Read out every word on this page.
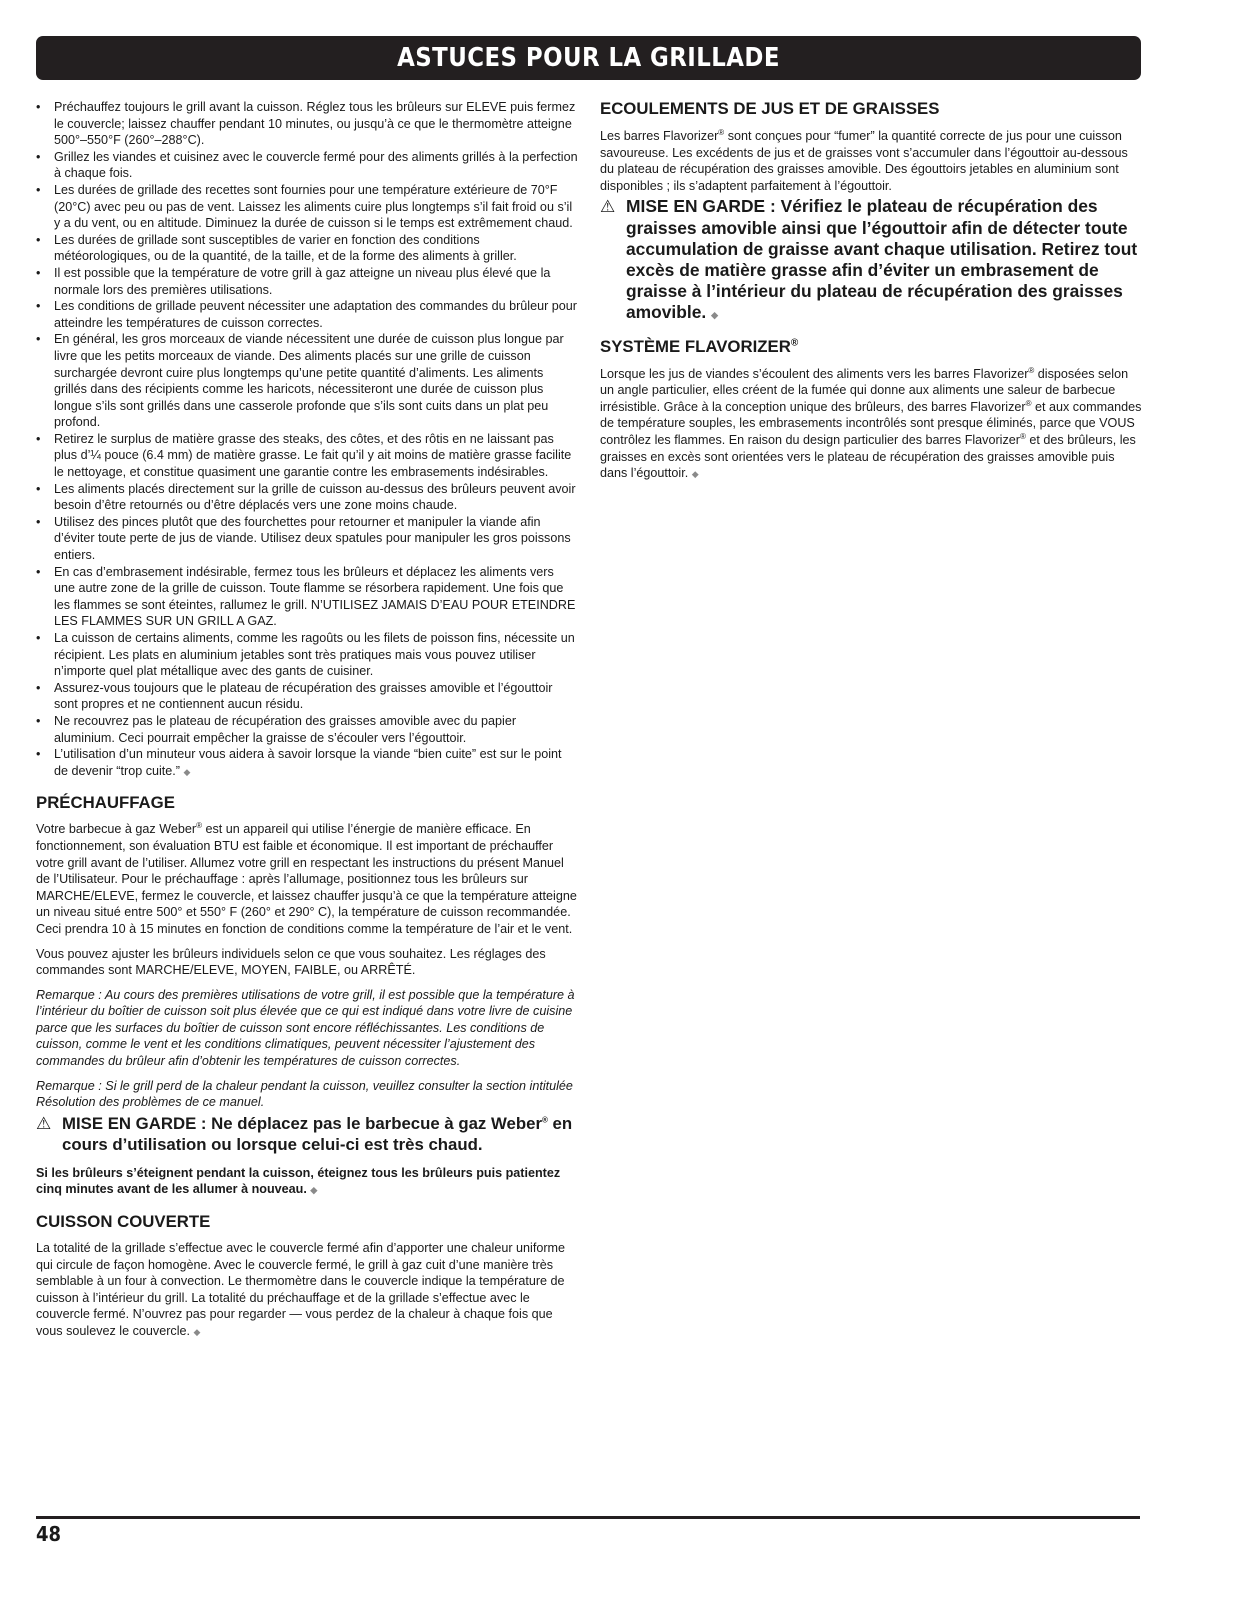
ASTUCES POUR LA GRILLADE
• Préchauffez toujours le grill avant la cuisson. Réglez tous les brûleurs sur ELEVE puis fermez le couvercle; laissez chauffer pendant 10 minutes, ou jusqu’à ce que le thermomètre atteigne 500°–550°F (260°–288°C).
• Grillez les viandes et cuisinez avec le couvercle fermé pour des aliments grillés à la perfection à chaque fois.
• Les durées de grillade des recettes sont fournies pour une température extérieure de 70°F (20°C) avec peu ou pas de vent. Laissez les aliments cuire plus longtemps s’il fait froid ou s’il y a du vent, ou en altitude. Diminuez la durée de cuisson si le temps est extrêmement chaud.
• Les durées de grillade sont susceptibles de varier en fonction des conditions météorologiques, ou de la quantité, de la taille, et de la forme des aliments à griller.
• Il est possible que la température de votre grill à gaz atteigne un niveau plus élevé que la normale lors des premières utilisations.
• Les conditions de grillade peuvent nécessiter une adaptation des commandes du brûleur pour atteindre les températures de cuisson correctes.
• En général, les gros morceaux de viande nécessitent une durée de cuisson plus longue par livre que les petits morceaux de viande. Des aliments placés sur une grille de cuisson surchargée devront cuire plus longtemps qu’une petite quantité d’aliments. Les aliments grillés dans des récipients comme les haricots, nécessiteront une durée de cuisson plus longue s’ils sont grillés dans une casserole profonde que s’ils sont cuits dans un plat peu profond.
• Retirez le surplus de matière grasse des steaks, des côtes, et des rôtis en ne laissant pas plus d’¼ pouce (6.4 mm) de matière grasse. Le fait qu’il y ait moins de matière grasse facilite le nettoyage, et constitue quasiment une garantie contre les embrasements indésirables.
• Les aliments placés directement sur la grille de cuisson au-dessus des brûleurs peuvent avoir besoin d’être retournés ou d’être déplacés vers une zone moins chaude.
• Utilisez des pinces plutôt que des fourchettes pour retourner et manipuler la viande afin d’éviter toute perte de jus de viande. Utilisez deux spatules pour manipuler les gros poissons entiers.
• En cas d’embrasement indésirable, fermez tous les brûleurs et déplacez les aliments vers une autre zone de la grille de cuisson. Toute flamme se résorbera rapidement. Une fois que les flammes se sont éteintes, rallumez le grill. N’UTILISEZ JAMAIS D’EAU POUR ETEINDRE LES FLAMMES SUR UN GRILL A GAZ.
• La cuisson de certains aliments, comme les ragoûts ou les filets de poisson fins, nécessite un récipient. Les plats en aluminium jetables sont très pratiques mais vous pouvez utiliser n’importe quel plat métallique avec des gants de cuisiner.
• Assurez-vous toujours que le plateau de récupération des graisses amovible et l’égouttoir sont propres et ne contiennent aucun résidu.
• Ne recouvrez pas le plateau de récupération des graisses amovible avec du papier aluminium. Ceci pourrait empêcher la graisse de s’écouler vers l’égouttoir.
• L’utilisation d’un minuteur vous aidera à savoir lorsque la viande “bien cuite” est sur le point de devenir “trop cuite.” ◆
PRÉCHAUFFAGE

Votre barbecue à gaz Weber® est un appareil qui utilise l’énergie de manière efficace. En fonctionnement, son évaluation BTU est faible et économique. Il est important de préchauffer votre grill avant de l’utiliser. Allumez votre grill en respectant les instructions du présent Manuel de l’Utilisateur. Pour le préchauffage : après l’allumage, positionnez tous les brûleurs sur MARCHE/ELEVE, fermez le couvercle, et laissez chauffer jusqu’à ce que la température atteigne un niveau situé entre 500° et 550° F (260° et 290° C), la température de cuisson recommandée. Ceci prendra 10 à 15 minutes en fonction de conditions comme la température de l’air et le vent.

Vous pouvez ajuster les brûleurs individuels selon ce que vous souhaitez. Les réglages des commandes sont MARCHE/ELEVE, MOYEN, FAIBLE, ou ARRÊTÉ.

Remarque : Au cours des premières utilisations de votre grill, il est possible que la température à l’intérieur du boîtier de cuisson soit plus élevée que ce qui est indiqué dans votre livre de cuisine parce que les surfaces du boîtier de cuisson sont encore réfléchissantes. Les conditions de cuisson, comme le vent et les conditions climatiques, peuvent nécessiter l’ajustement des commandes du brûleur afin d’obtenir les températures de cuisson correctes.

Remarque : Si le grill perd de la chaleur pendant la cuisson, veuillez consulter la section intitulée Résolution des problèmes de ce manuel.

⚠ MISE EN GARDE : Ne déplacez pas le barbecue à gaz Weber® en cours d’utilisation ou lorsque celui-ci est très chaud.

Si les brûleurs s’éteignent pendant la cuisson, éteignez tous les brûleurs puis patientez cinq minutes avant de les allumer à nouveau. ◆

CUISSON COUVERTE

La totalité de la grillade s’effectue avec le couvercle fermé afin d’apporter une chaleur uniforme qui circule de façon homogène. Avec le couvercle fermé, le grill à gaz cuit d’une manière très semblable à un four à convection. Le thermomètre dans le couvercle indique la température de cuisson à l’intérieur du grill. La totalité du préchauffage et de la grillade s’effectue avec le couvercle fermé. N’ouvrez pas pour regarder — vous perdez de la chaleur à chaque fois que vous soulevez le couvercle. ◆

ECOULEMENTS DE JUS ET DE GRAISSES

Les barres Flavorizer® sont conçues pour “fumer” la quantité correcte de jus pour une cuisson savoureuse. Les excédents de jus et de graisses vont s’accumuler dans l’égouttoir au-dessous du plateau de récupération des graisses amovible. Des égouttoirs jetables en aluminium sont disponibles ; ils s’adaptent parfaitement à l’égouttoir.

⚠ MISE EN GARDE : Vérifiez le plateau de récupération des graisses amovible ainsi que l’égouttoir afin de détecter toute accumulation de graisse avant chaque utilisation. Retirez tout excès de matière grasse afin d’éviter un embrasement de graisse à l’intérieur du plateau de récupération des graisses amovible. ◆
SYSTÈME FLAVORIZER®

Lorsque les jus de viandes s’écoulent des aliments vers les barres Flavorizer® disposées selon un angle particulier, elles créent de la fumée qui donne aux aliments une saleur de barbecue irrésistible. Grâce à la conception unique des brûleurs, des barres Flavorizer® et aux commandes de température souples, les embrasements incontrôlés sont presque éliminés, parce que VOUS contrôlez les flammes. En raison du design particulier des barres Flavorizer® et des brûleurs, les graisses en excès sont orientées vers le plateau de récupération des graisses amovible puis dans l’égouttoir. ◆

48
